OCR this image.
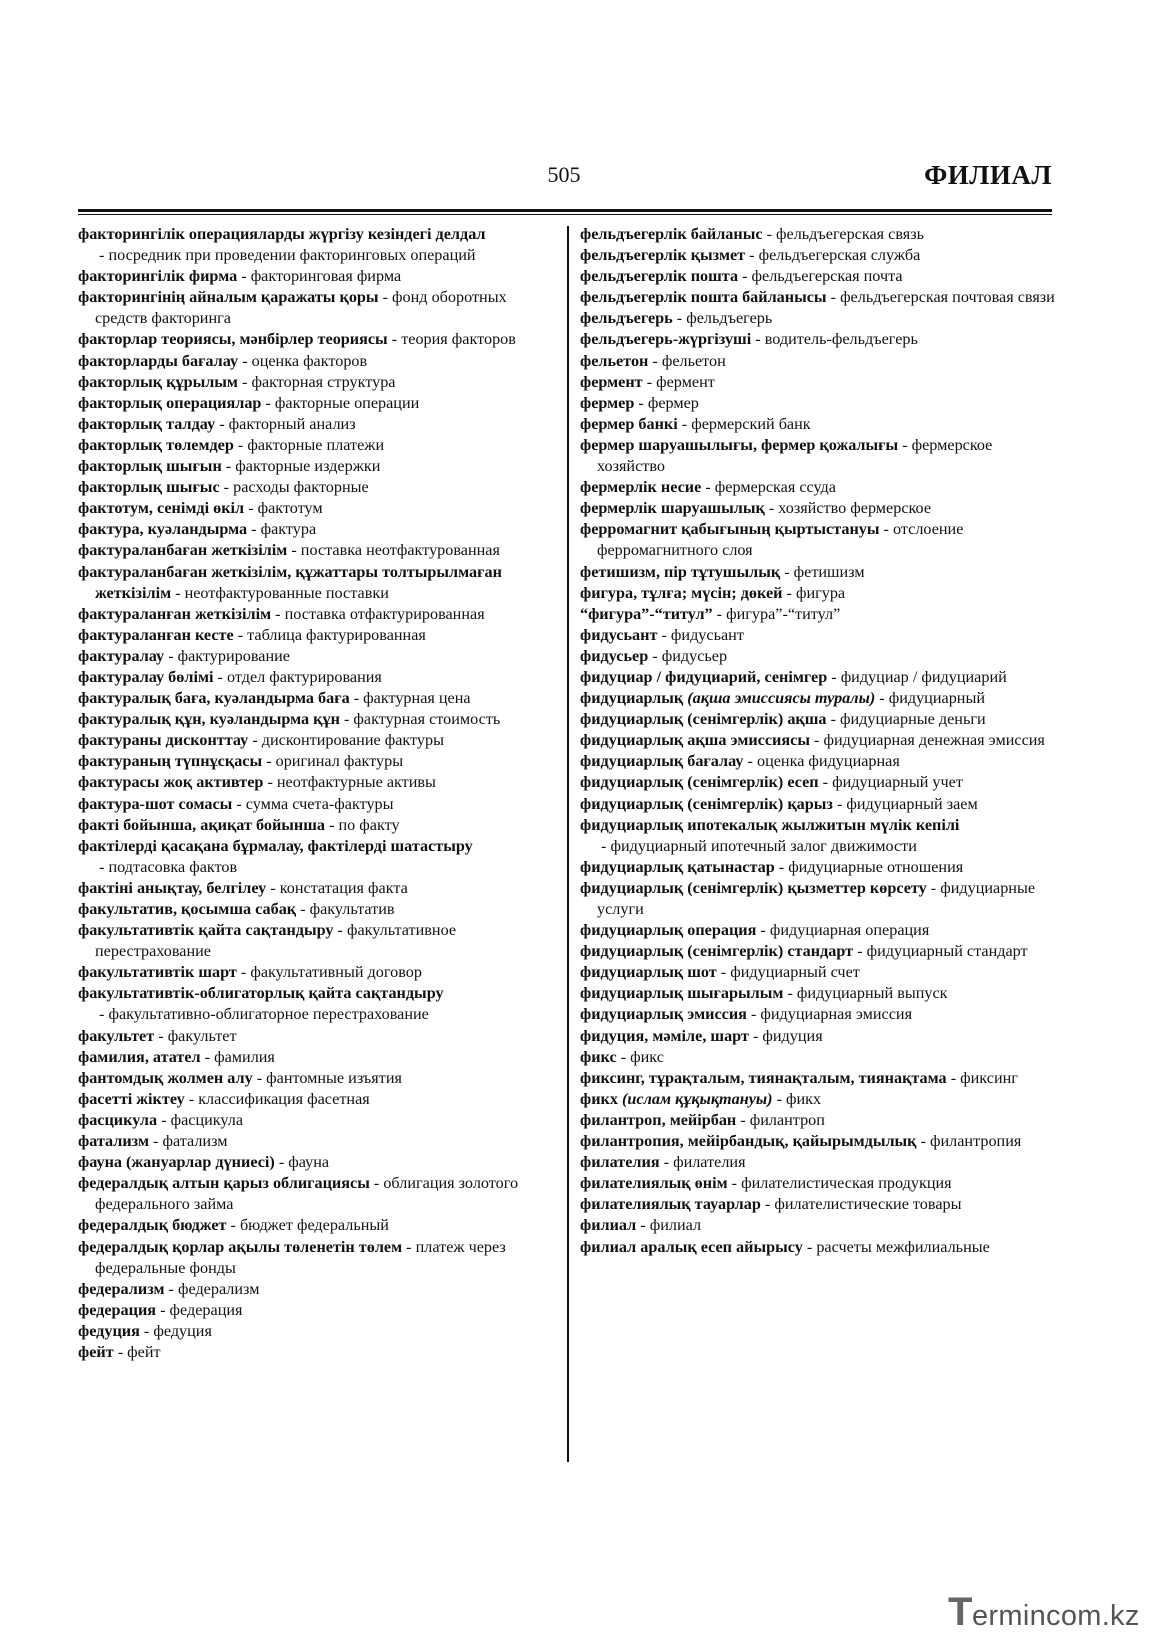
505	ФИЛИАЛ
факторингілік операцияларды жүргізу кезіндегі делдал - посредник при проведении факторинговых операций
факторингілік фирма - факторинговая фирма
факторингінің айналым қаражаты қоры - фонд оборотных средств факторинга
факторлар теориясы, мәнбірлер теориясы - теория факторов
факторларды бағалау - оценка факторов
факторлық құрылым - факторная структура
факторлық операциялар - факторные операции
факторлық талдау - факторный анализ
факторлық төлемдер - факторные платежи
факторлық шығын - факторные издержки
факторлық шығыс - расходы факторные
фактотум, сенімді өкіл - фактотум
фактура, куәландырма - фактура
фактураланбаған жеткізілім - поставка неотфактурованная
фактураланбаған жеткізілім, құжаттары толтырылмаған жеткізілім - неотфактурованные поставки
фактураланған жеткізілім - поставка отфактурированная
фактураланған кесте - таблица фактурированная
фактуралау - фактурирование
фактуралау бөлімі - отдел фактурирования
фактуралық баға, куәландырма баға - фактурная цена
фактуралық құн, куәландырма құн - фактурная стоимость
фактураны дисконттау - дисконтирование фактуры
фактураның түпнұсқасы - оригинал фактуры
фактурасы жоқ активтер - неотфактурные активы
фактура-шот сомасы - сумма счета-фактуры
факті бойынша, ақиқат бойынша - по факту
фактілерді қасақана бұрмалау, фактілерді шатастыру - подтасовка фактов
фактіні анықтау, белгілеу - констатация факта
факультатив, қосымша сабақ - факультатив
факультативтік қайта сақтандыру - факультативное перестрахование
факультативтік шарт - факультативный договор
факультативтік-облигаторлық қайта сақтандыру - факультативно-облигаторное перестрахование
факультет - факультет
фамилия, атател - фамилия
фантомдық жолмен алу - фантомные изъятия
фасетті жіктеу - классификация фасетная
фасцикула - фасцикула
фатализм - фатализм
фауна (жануарлар дүниесі) - фауна
федералдық алтын қарыз облигациясы - облигация золотого федерального займа
федералдық бюджет - бюджет федеральный
федералдық қорлар ақылы төленетін төлем - платеж через федеральные фонды
федерализм - федерализм
федерация - федерация
федуция - федуция
фейт - фейт
фельдъегерлік байланыс - фельдъегерская связь
фельдъегерлік қызмет - фельдъегерская служба
фельдъегерлік пошта - фельдъегерская почта
фельдъегерлік пошта байланысы - фельдъегерская почтовая связи
фельдъегерь - фельдъегерь
фельдъегерь-жүргізуші - водитель-фельдъегерь
фельетон - фельетон
фермент - фермент
фермер - фермер
фермер банкі - фермерский банк
фермер шаруашылығы, фермер қожалығы - фермерское хозяйство
фермерлік несие - фермерская ссуда
фермерлік шаруашылық - хозяйство фермерское
ферромагнит қабығының қыртыстануы - отслоение ферромагнитного слоя
фетишизм, пір тұтушылық - фетишизм
фигура, тұлға; мүсін; дөкей - фигура
“фигура”-“титул” - фигура”-“титул”
фидусьант - фидусьант
фидусьер - фидусьер
фидуциар / фидуциарий, сенімгер - фидуциар / фидуциарий
фидуциарлық (ақша эмиссиясы туралы) - фидуциарный
фидуциарлық (сенімгерлік) ақша - фидуциарные деньги
фидуциарлық ақша эмиссиясы - фидуциарная денежная эмиссия
фидуциарлық бағалау - оценка фидуциарная
фидуциарлық (сенімгерлік) есеп - фидуциарный учет
фидуциарлық (сенімгерлік) қарыз - фидуциарный заем
фидуциарлық ипотекалық жылжитын мүлік кепілі - фидуциарный ипотечный залог движимости
фидуциарлық қатынастар - фидуциарные отношения
фидуциарлық (сенімгерлік) қызметтер көрсету - фидуциарные услуги
фидуциарлық операция - фидуциарная операция
фидуциарлық (сенімгерлік) стандарт - фидуциарный стандарт
фидуциарлық шот - фидуциарный счет
фидуциарлық шығарылым - фидуциарный выпуск
фидуциарлық эмиссия - фидуциарная эмиссия
фидуция, мәміле, шарт - фидуция
фикс - фикс
фиксинг, тұрақталым, тиянақталым, тиянақтама - фиксинг
фикх (ислам құқықтануы) - фикх
филантроп, мейірбан - филантроп
филантропия, мейірбандық, қайырымдылық - филантропия
филателия - филателия
филателиялық өнім - филателистическая продукция
филателиялық тауарлар - филателистические товары
филиал - филиал
филиал аралық есеп айырысу - расчеты межфилиальные
T ermincom.kz
